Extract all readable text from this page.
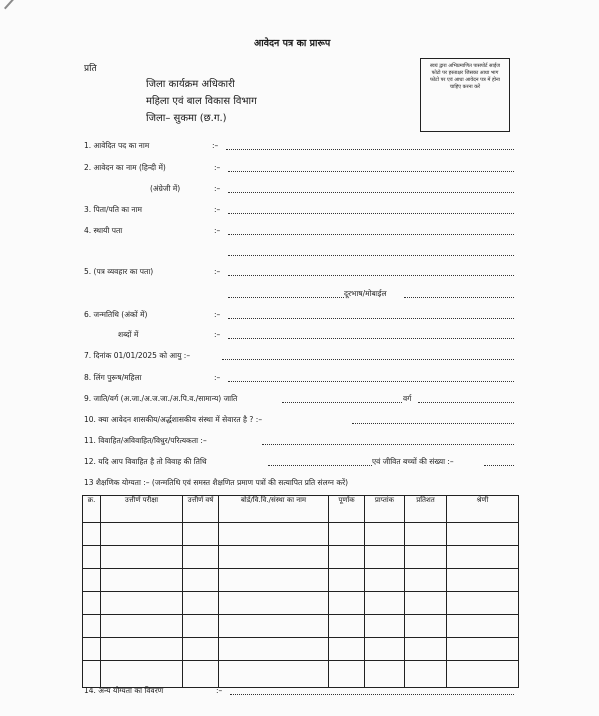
आवेदन पत्र का प्रारूप
प्रति
जिला कार्यक्रम अधिकारी
महिला एवं बाल विकास विभाग
जिला– सुकमा (छ.ग.)
स्वयं द्वारा अभिप्रमाणित पासपोर्ट साईज फोटो पर हस्ताक्षर जिसका आधा भाग फोटो पर एवं आधा आवेदन पत्र में होना चाहिए करना करें
1. आवेदित पद का नाम	:–
2. आवेदन का नाम (हिन्दी में)	:–
(अंग्रेजी में)	:–
3. पिता/पति का नाम	:–
4. स्थायी पता	:–
5. (पत्र व्यवहार का पता)	:–
दूरभाष/मोबाईल
6. जन्मतिथि (अंकों में)	:–
शब्दों में	:–
7. दिनांक 01/01/2025 को आयु :–
8. लिंग पुरूष/महिला	:–
9. जाति/वर्ग (अ.जा./अ.ज.जा./अ.पि.व./सामान्य) जाति	वर्ग
10. क्या आवेदन शासकीय/अर्द्धशासकीय संस्था में सेवारत है ? :–
11. विवाहित/अविवाहित/विधुर/परित्यकता :–
12. यदि आप विवाहित है तो विवाह की तिथि	एवं जीवित बच्चों की संख्या :–
13 शैक्षणिक योग्यता :– (जन्मतिथि एवं समस्त शैक्षणित प्रमाण पत्रों की सत्यापित प्रति संलग्न करें)
क्र.	उत्तीर्ण परीक्षा	उत्तीर्ण वर्ष	बोर्ड/वि.वि./संस्था का नाम	पूर्णांक	प्राप्तांक	प्रतिशत	श्रेणी

14. अन्य योग्यता का विवरण	:–
